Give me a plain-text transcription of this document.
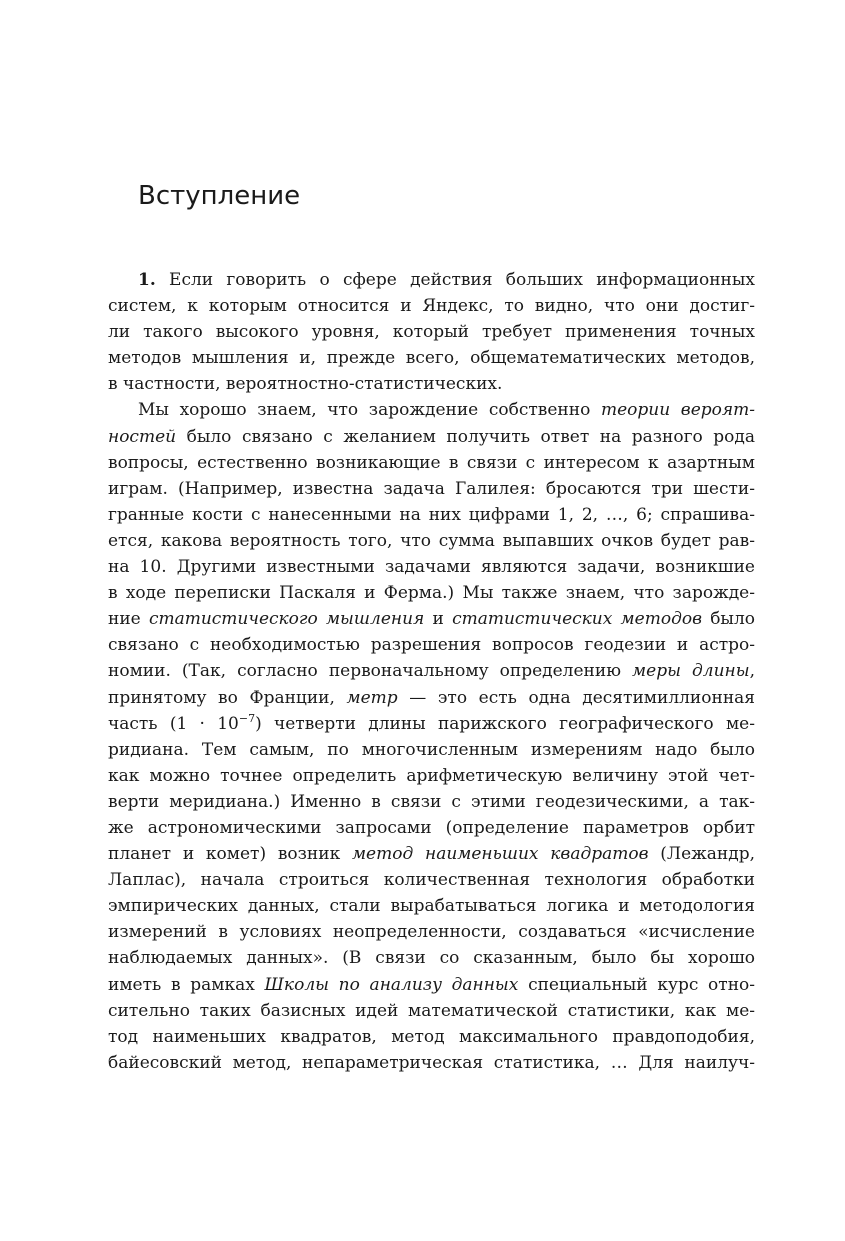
Вступление
1. Если говорить о сфере действия больших информационных
систем, к которым относится и Яндекс, то видно, что они достиг-
ли такого высокого уровня, который требует применения точных
методов мышления и, прежде всего, общематематических методов,
в частности, вероятностно-статистических.
Мы хорошо знаем, что зарождение собственно теории вероят-
ностей было связано с желанием получить ответ на разного рода
вопросы, естественно возникающие в связи с интересом к азартным
играм. (Например, известна задача Галилея: бросаются три шести-
гранные кости с нанесенными на них цифрами 1, 2, …, 6; спрашива-
ется, какова вероятность того, что сумма выпавших очков будет рав-
на 10. Другими известными задачами являются задачи, возникшие
в ходе переписки Паскаля и Ферма.) Мы также знаем, что зарожде-
ние статистического мышления и статистических методов было
связано с необходимостью разрешения вопросов геодезии и астро-
номии. (Так, согласно первоначальному определению меры длины,
принятому во Франции, метр — это есть одна десятимиллионная
часть $(1 \cdot 10^{-7})$ четверти длины парижского географического ме-
ридиана. Тем самым, по многочисленным измерениям надо было
как можно точнее определить арифметическую величину этой чет-
верти меридиана.) Именно в связи с этими геодезическими, а так-
же астрономическими запросами (определение параметров орбит
планет и комет) возник метод наименьших квадратов (Лежандр,
Лаплас), начала строиться количественная технология обработки
эмпирических данных, стали вырабатываться логика и методология
измерений в условиях неопределенности, создаваться «исчисление
наблюдаемых данных». (В связи со сказанным, было бы хорошо
иметь в рамках Школы по анализу данных специальный курс отно-
сительно таких базисных идей математической статистики, как ме-
тод наименьших квадратов, метод максимального правдоподобия,
байесовский метод, непараметрическая статистика, … Для наилуч-
